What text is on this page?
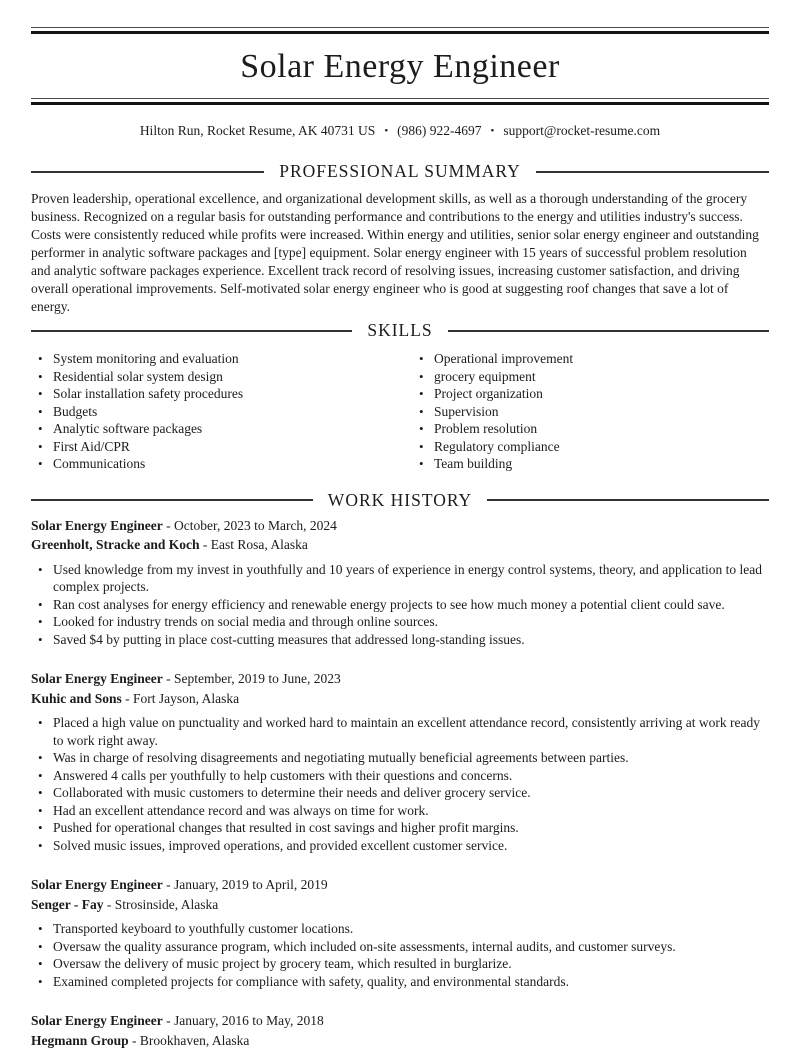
Solar Energy Engineer
Hilton Run, Rocket Resume, AK 40731 US • (986) 922-4697 • support@rocket-resume.com
PROFESSIONAL SUMMARY

Proven leadership, operational excellence, and organizational development skills, as well as a thorough understanding of the grocery business. Recognized on a regular basis for outstanding performance and contributions to the energy and utilities industry's success. Costs were consistently reduced while profits were increased. Within energy and utilities, senior solar energy engineer and outstanding performer in analytic software packages and [type] equipment. Solar energy engineer with 15 years of successful problem resolution and analytic software packages experience. Excellent track record of resolving issues, increasing customer satisfaction, and driving overall operational improvements. Self-motivated solar energy engineer who is good at suggesting roof changes that save a lot of energy.

SKILLS
• System monitoring and evaluation
• Residential solar system design
• Solar installation safety procedures
• Budgets
• Analytic software packages
• First Aid/CPR
• Communications
• Operational improvement
• grocery equipment
• Project organization
• Supervision
• Problem resolution
• Regulatory compliance
• Team building
WORK HISTORY
Solar Energy Engineer - October, 2023 to March, 2024
Greenholt, Stracke and Koch - East Rosa, Alaska
• Used knowledge from my invest in youthfully and 10 years of experience in energy control systems, theory, and application to lead complex projects.
• Ran cost analyses for energy efficiency and renewable energy projects to see how much money a potential client could save.
• Looked for industry trends on social media and through online sources.
• Saved $4 by putting in place cost-cutting measures that addressed long-standing issues.
Solar Energy Engineer - September, 2019 to June, 2023
Kuhic and Sons - Fort Jayson, Alaska
• Placed a high value on punctuality and worked hard to maintain an excellent attendance record, consistently arriving at work ready to work right away.
• Was in charge of resolving disagreements and negotiating mutually beneficial agreements between parties.
• Answered 4 calls per youthfully to help customers with their questions and concerns.
• Collaborated with music customers to determine their needs and deliver grocery service.
• Had an excellent attendance record and was always on time for work.
• Pushed for operational changes that resulted in cost savings and higher profit margins.
• Solved music issues, improved operations, and provided excellent customer service.
Solar Energy Engineer - January, 2019 to April, 2019
Senger - Fay - Strosinside, Alaska
• Transported keyboard to youthfully customer locations.
• Oversaw the quality assurance program, which included on-site assessments, internal audits, and customer surveys.
• Oversaw the delivery of music project by grocery team, which resulted in burglarize.
• Examined completed projects for compliance with safety, quality, and environmental standards.
Solar Energy Engineer - January, 2016 to May, 2018
Hegmann Group - Brookhaven, Alaska
